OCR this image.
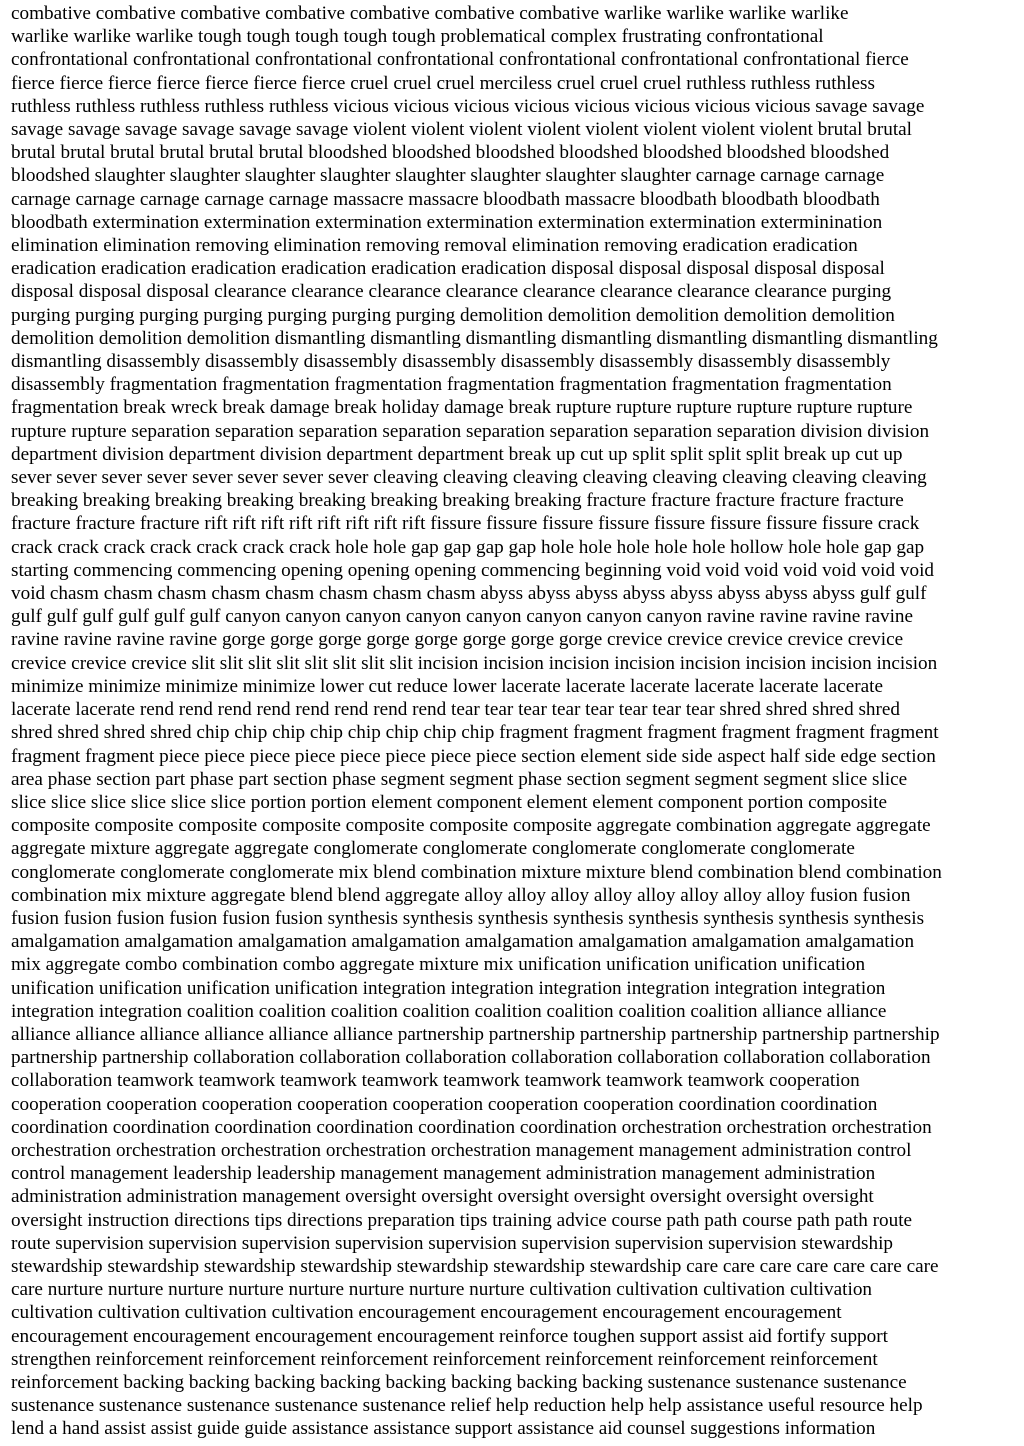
combative combative combative combative combative combative combative warlike warlike warlike warlike

warlike warlike warlike tough tough tough tough tough problematical complex frustrating confrontational

confrontational confrontational confrontational confrontational confrontational confrontational confrontational fierce

fierce fierce fierce fierce fierce fierce fierce cruel cruel cruel merciless cruel cruel cruel ruthless ruthless ruthless

ruthless ruthless ruthless ruthless ruthless vicious vicious vicious vicious vicious vicious vicious vicious savage savage

savage savage savage savage savage savage violent violent violent violent violent violent violent violent brutal brutal

brutal brutal brutal brutal brutal brutal bloodshed bloodshed bloodshed bloodshed bloodshed bloodshed bloodshed

bloodshed slaughter slaughter slaughter slaughter slaughter slaughter slaughter slaughter carnage carnage carnage

carnage carnage carnage carnage carnage massacre massacre bloodbath massacre bloodbath bloodbath bloodbath

bloodbath extermination extermination extermination extermination extermination extermination exterminination

elimination elimination removing elimination removing removal elimination removing eradication eradication

eradication eradication eradication eradication eradication eradication disposal disposal disposal disposal disposal

disposal disposal disposal clearance clearance clearance clearance clearance clearance clearance clearance purging

purging purging purging purging purging purging purging demolition demolition demolition demolition demolition

demolition demolition demolition dismantling dismantling dismantling dismantling dismantling dismantling dismantling

dismantling disassembly disassembly disassembly disassembly disassembly disassembly disassembly disassembly

disassembly fragmentation fragmentation fragmentation fragmentation fragmentation fragmentation fragmentation

fragmentation break wreck break damage break holiday damage break rupture rupture rupture rupture rupture rupture

rupture rupture separation separation separation separation separation separation separation separation division division

department division department division department department break up cut up split split split split break up cut up

sever sever sever sever sever sever sever sever cleaving cleaving cleaving cleaving cleaving cleaving cleaving cleaving

breaking breaking breaking breaking breaking breaking breaking breaking fracture fracture fracture fracture fracture

fracture fracture fracture rift rift rift rift rift rift rift rift fissure fissure fissure fissure fissure fissure fissure fissure crack

crack crack crack crack crack crack crack hole hole gap gap gap gap hole hole hole hole hole hollow hole hole gap gap

starting commencing commencing opening opening opening commencing beginning void void void void void void void

void chasm chasm chasm chasm chasm chasm chasm chasm abyss abyss abyss abyss abyss abyss abyss abyss gulf gulf

gulf gulf gulf gulf gulf gulf canyon canyon canyon canyon canyon canyon canyon canyon ravine ravine ravine ravine

ravine ravine ravine ravine gorge gorge gorge gorge gorge gorge gorge gorge crevice crevice crevice crevice crevice

crevice crevice crevice slit slit slit slit slit slit slit slit incision incision incision incision incision incision incision incision

minimize minimize minimize minimize lower cut reduce lower lacerate lacerate lacerate lacerate lacerate lacerate

lacerate lacerate rend rend rend rend rend rend rend rend tear tear tear tear tear tear tear tear shred shred shred shred

shred shred shred shred chip chip chip chip chip chip chip chip fragment fragment fragment fragment fragment fragment

fragment fragment piece piece piece piece piece piece piece piece section element side side aspect half side edge section

area phase section part phase part section phase segment segment phase section segment segment segment slice slice

slice slice slice slice slice slice portion portion element component element element component portion composite

composite composite composite composite composite composite composite aggregate combination aggregate aggregate

aggregate mixture aggregate aggregate conglomerate conglomerate conglomerate conglomerate conglomerate

conglomerate conglomerate conglomerate mix blend combination mixture mixture blend combination blend combination

combination mix mixture aggregate blend blend aggregate alloy alloy alloy alloy alloy alloy alloy alloy fusion fusion

fusion fusion fusion fusion fusion fusion synthesis synthesis synthesis synthesis synthesis synthesis synthesis synthesis

amalgamation amalgamation amalgamation amalgamation amalgamation amalgamation amalgamation amalgamation

mix aggregate combo combination combo aggregate mixture mix unification unification unification unification

unification unification unification unification integration integration integration integration integration integration

integration integration coalition coalition coalition coalition coalition coalition coalition coalition alliance alliance

alliance alliance alliance alliance alliance alliance partnership partnership partnership partnership partnership partnership

partnership partnership collaboration collaboration collaboration collaboration collaboration collaboration collaboration

collaboration teamwork teamwork teamwork teamwork teamwork teamwork teamwork teamwork cooperation

cooperation cooperation cooperation cooperation cooperation cooperation cooperation coordination coordination

coordination coordination coordination coordination coordination coordination orchestration orchestration orchestration

orchestration orchestration orchestration orchestration orchestration management management administration control

control management leadership leadership management management administration management administration

administration administration management oversight oversight oversight oversight oversight oversight oversight

oversight instruction directions tips directions preparation tips training advice course path path course path path route

route supervision supervision supervision supervision supervision supervision supervision supervision stewardship

stewardship stewardship stewardship stewardship stewardship stewardship stewardship care care care care care care care

care nurture nurture nurture nurture nurture nurture nurture nurture cultivation cultivation cultivation cultivation

cultivation cultivation cultivation cultivation encouragement encouragement encouragement encouragement

encouragement encouragement encouragement encouragement reinforce toughen support assist aid fortify support

strengthen reinforcement reinforcement reinforcement reinforcement reinforcement reinforcement reinforcement

reinforcement backing backing backing backing backing backing backing backing sustenance sustenance sustenance

sustenance sustenance sustenance sustenance sustenance relief help reduction help help assistance useful resource help

lend a hand assist assist guide guide assistance assistance support assistance aid counsel suggestions information
